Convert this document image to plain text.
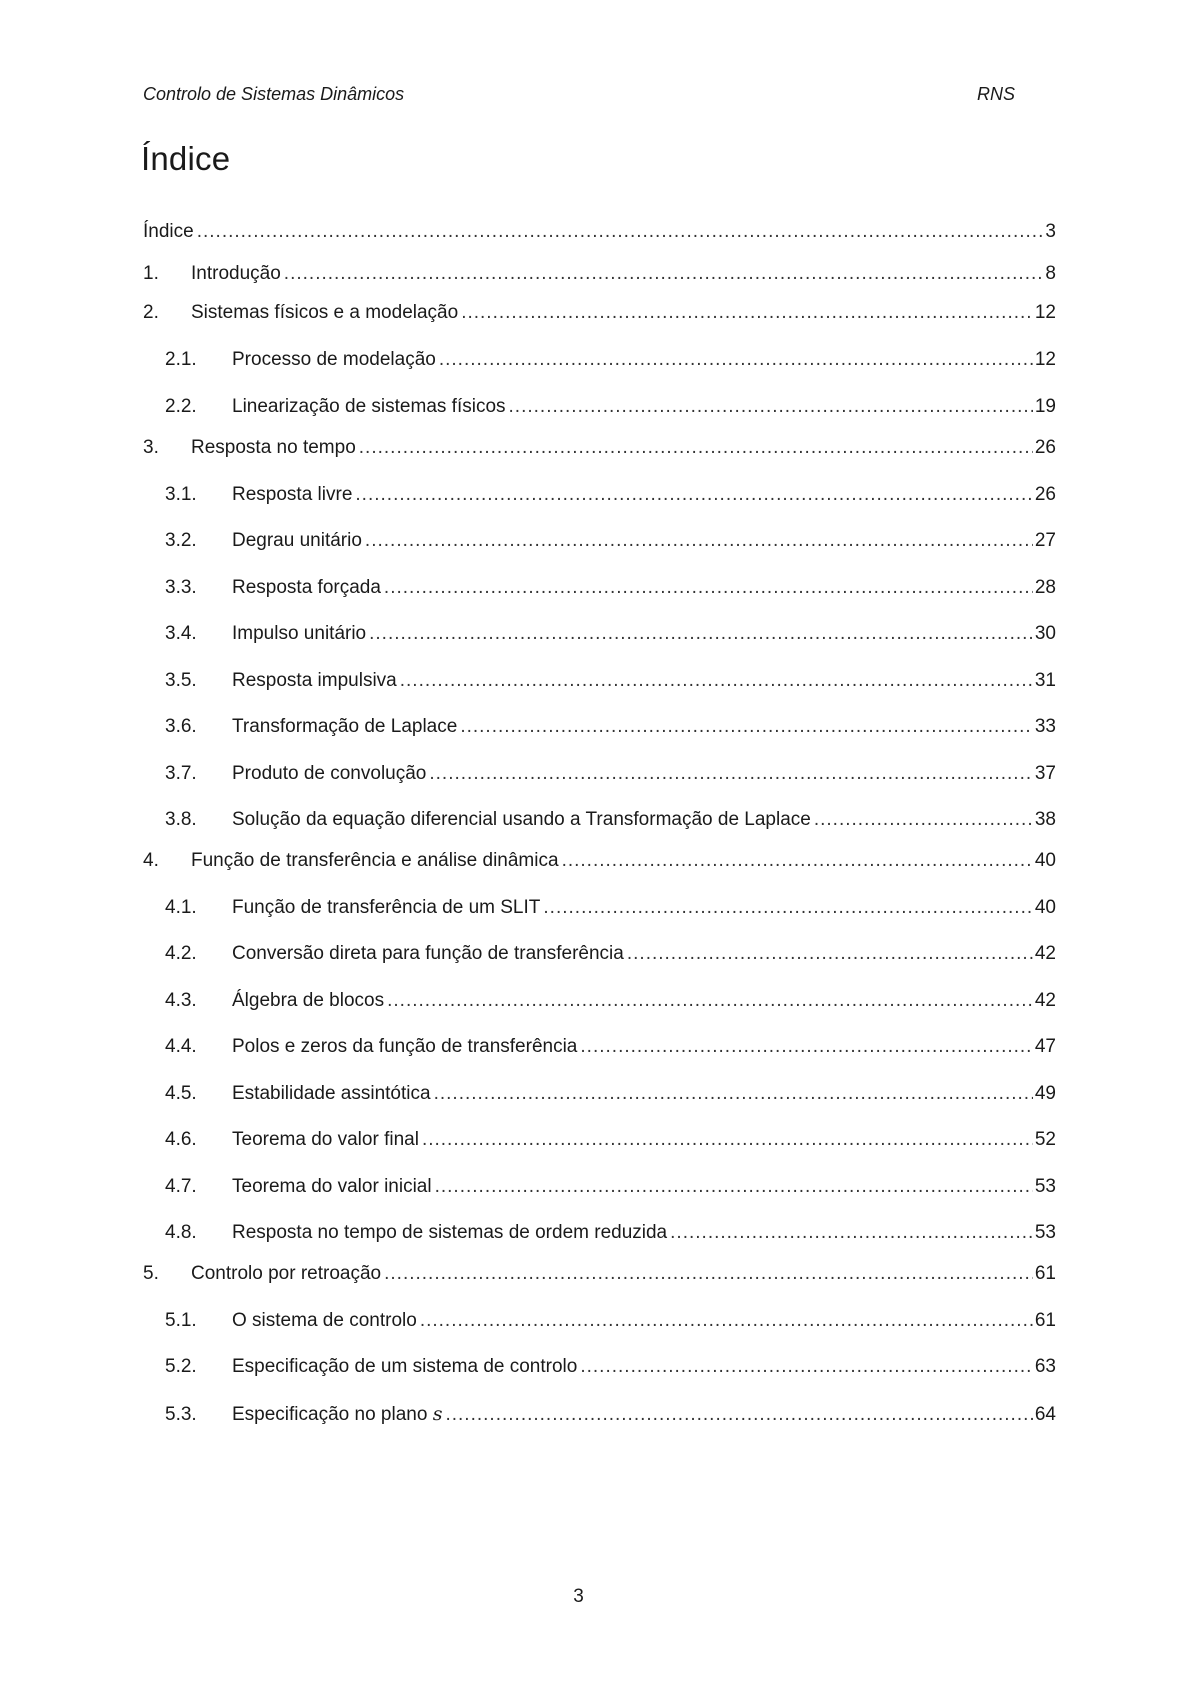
Controlo de Sistemas Dinâmicos	RNS
Índice
Índice .....	3
1.	Introdução .....	8
2.	Sistemas físicos e a modelação .....	12
2.1.	Processo de modelação .....	12
2.2.	Linearização de sistemas físicos .....	19
3.	Resposta no tempo .....	26
3.1.	Resposta livre .....	26
3.2.	Degrau unitário .....	27
3.3.	Resposta forçada .....	28
3.4.	Impulso unitário .....	30
3.5.	Resposta impulsiva .....	31
3.6.	Transformação de Laplace .....	33
3.7.	Produto de convolução .....	37
3.8.	Solução da equação diferencial usando a Transformação de Laplace .....	38
4.	Função de transferência e análise dinâmica .....	40
4.1.	Função de transferência de um SLIT .....	40
4.2.	Conversão direta para função de transferência .....	42
4.3.	Álgebra de blocos .....	42
4.4.	Polos e zeros da função de transferência .....	47
4.5.	Estabilidade assintótica .....	49
4.6.	Teorema do valor final .....	52
4.7.	Teorema do valor inicial .....	53
4.8.	Resposta no tempo de sistemas de ordem reduzida .....	53
5.	Controlo por retroação .....	61
5.1.	O sistema de controlo .....	61
5.2.	Especificação de um sistema de controlo .....	63
5.3.	Especificação no plano s .....	64
3
